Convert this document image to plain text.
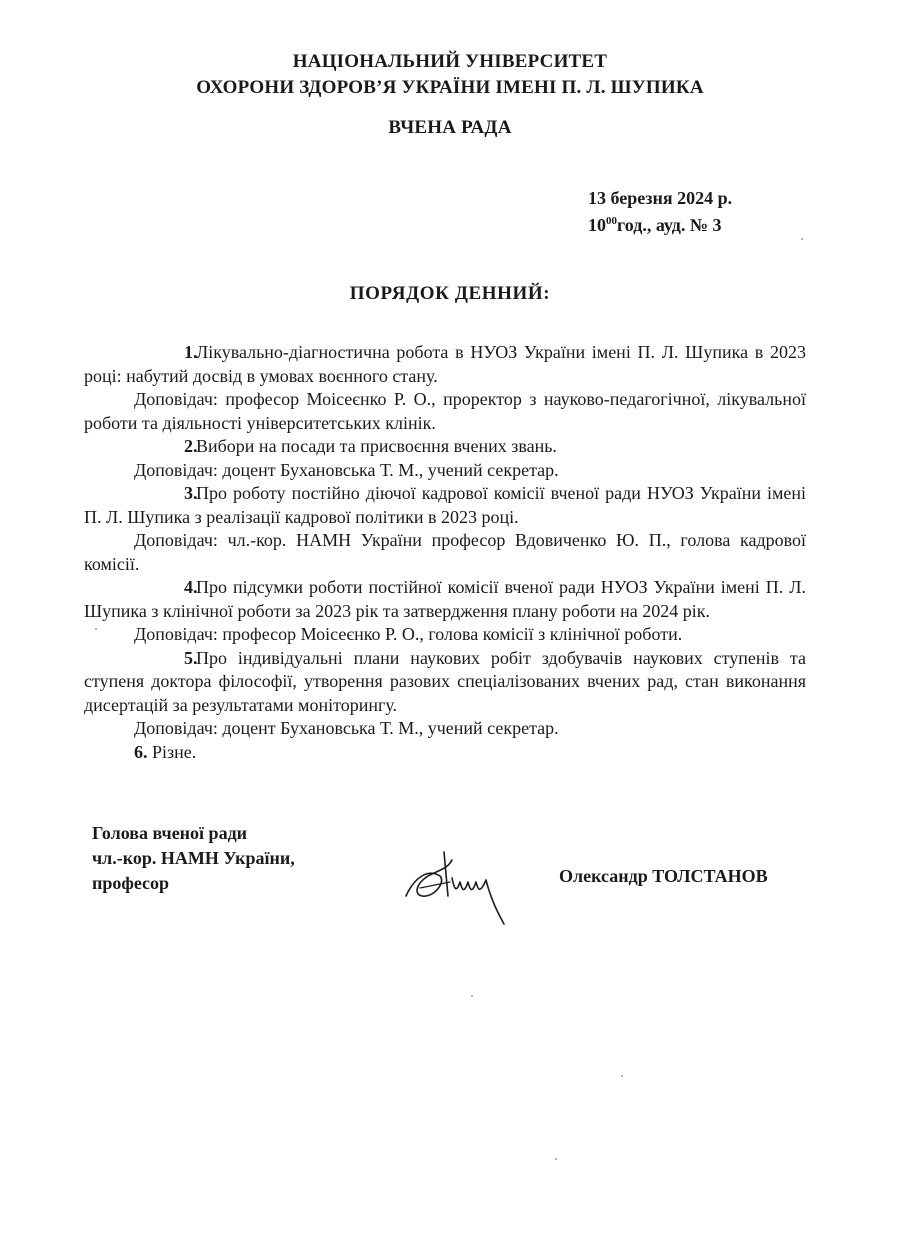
НАЦІОНАЛЬНИЙ УНІВЕРСИТЕТ
ОХОРОНИ ЗДОРОВ’Я УКРАЇНИ ІМЕНІ П. Л. ШУПИКА
ВЧЕНА РАДА
13 березня 2024 р.
$10^{00}год$., ауд. № 3
ПОРЯДОК ДЕННИЙ:

1.Лікувально-діагностична робота в НУОЗ України імені П. Л. Шупика в 2023 році: набутий досвід в умовах воєнного стану.

Доповідач: професор Моісеєнко Р. О., проректор з науково-педагогічної, лікувальної роботи та діяльності університетських клінік.

2.Вибори на посади та присвоєння вчених звань.

Доповідач: доцент Бухановська Т. М., учений секретар.

3.Про роботу постійно діючої кадрової комісії вченої ради НУОЗ України імені П. Л. Шупика з реалізації кадрової політики в 2023 році.

Доповідач: чл.-кор. НАМН України професор Вдовиченко Ю. П., голова кадрової комісії.

4.Про підсумки роботи постійної комісії вченої ради НУОЗ України імені П. Л. Шупика з клінічної роботи за 2023 рік та затвердження плану роботи на 2024 рік.

Доповідач: професор Моісеєнко Р. О., голова комісії з клінічної роботи.

5.Про індивідуальні плани наукових робіт здобувачів наукових ступенів та ступеня доктора філософії, утворення разових спеціалізованих вчених рад, стан виконання дисертацій за результатами моніторингу.

Доповідач: доцент Бухановська Т. М., учений секретар.

6. Різне.

Голова вченої ради
чл.-кор. НАМН України,
професор	Олександр ТОЛСТАНОВ
